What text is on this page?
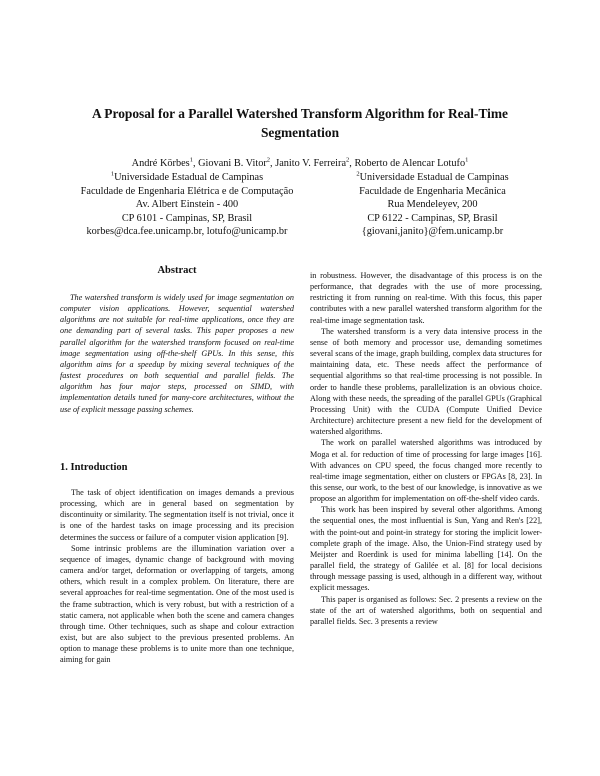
A Proposal for a Parallel Watershed Transform Algorithm for Real-Time Segmentation
André Körbes$^1$, Giovani B. Vitor$^2$, Janito V. Ferreira$^2$, Roberto de Alencar Lotufo$^1$
$^1$Universidade Estadual de Campinas
Faculdade de Engenharia Elétrica e de Computação
Av. Albert Einstein - 400
CP 6101 - Campinas, SP, Brasil
korbes@dca.fee.unicamp.br, lotufo@unicamp.br
$^2$Universidade Estadual de Campinas
Faculdade de Engenharia Mecânica
Rua Mendeleyev, 200
CP 6122 - Campinas, SP, Brasil
{giovani,janito}@fem.unicamp.br
Abstract

The watershed transform is widely used for image segmentation on computer vision applications. However, sequential watershed algorithms are not suitable for real-time applications, once they are one demanding part of several tasks. This paper proposes a new parallel algorithm for the watershed transform focused on real-time image segmentation using off-the-shelf GPUs. In this sense, this algorithm aims for a speedup by mixing several techniques of the fastest procedures on both sequential and parallel fields. The algorithm has four major steps, processed on SIMD, with implementation details tuned for many-core architectures, without the use of explicit message passing schemes.

1. Introduction

The task of object identification on images demands a previous processing, which are in general based on segmentation by discontinuity or similarity. The segmentation itself is not trivial, once it is one of the hardest tasks on image processing and its precision determines the success or failure of a computer vision application [9].

Some intrinsic problems are the illumination variation over a sequence of images, dynamic change of background with moving camera and/or target, deformation or overlapping of targets, among others, which result in a complex problem. On literature, there are several approaches for real-time segmentation. One of the most used is the frame subtraction, which is very robust, but with a restriction of a static camera, not applicable when both the scene and camera changes through time. Other techniques, such as shape and colour extraction exist, but are also subject to the previous presented problems. An option to manage these problems is to unite more than one technique, aiming for gain

in robustness. However, the disadvantage of this process is on the performance, that degrades with the use of more processing, restricting it from running on real-time. With this focus, this paper contributes with a new parallel watershed transform algorithm for the real-time image segmentation task.

The watershed transform is a very data intensive process in the sense of both memory and processor use, demanding sometimes several scans of the image, graph building, complex data structures for maintaining data, etc. These needs affect the performance of sequential algorithms so that real-time processing is not possible. In order to handle these problems, parallelization is an obvious choice. Along with these needs, the spreading of the parallel GPUs (Graphical Processing Unit) with the CUDA (Compute Unified Device Architecture) architecture present a new field for the development of watershed algorithms.

The work on parallel watershed algorithms was introduced by Moga et al. for reduction of time of processing for large images [16]. With advances on CPU speed, the focus changed more recently to real-time image segmentation, either on clusters or FPGAs [8, 23]. In this sense, our work, to the best of our knowledge, is innovative as we propose an algorithm for implementation on off-the-shelf video cards.

This work has been inspired by several other algorithms. Among the sequential ones, the most influential is Sun, Yang and Ren's [22], with the point-out and point-in strategy for storing the implicit lower-complete graph of the image. Also, the Union-Find strategy used by Meijster and Roerdink is used for minima labelling [14]. On the parallel field, the strategy of Galilée et al. [8] for local decisions through message passing is used, although in a different way, without explicit messages.

This paper is organised as follows: Sec. 2 presents a review on the state of the art of watershed algorithms, both on sequential and parallel fields. Sec. 3 presents a review
